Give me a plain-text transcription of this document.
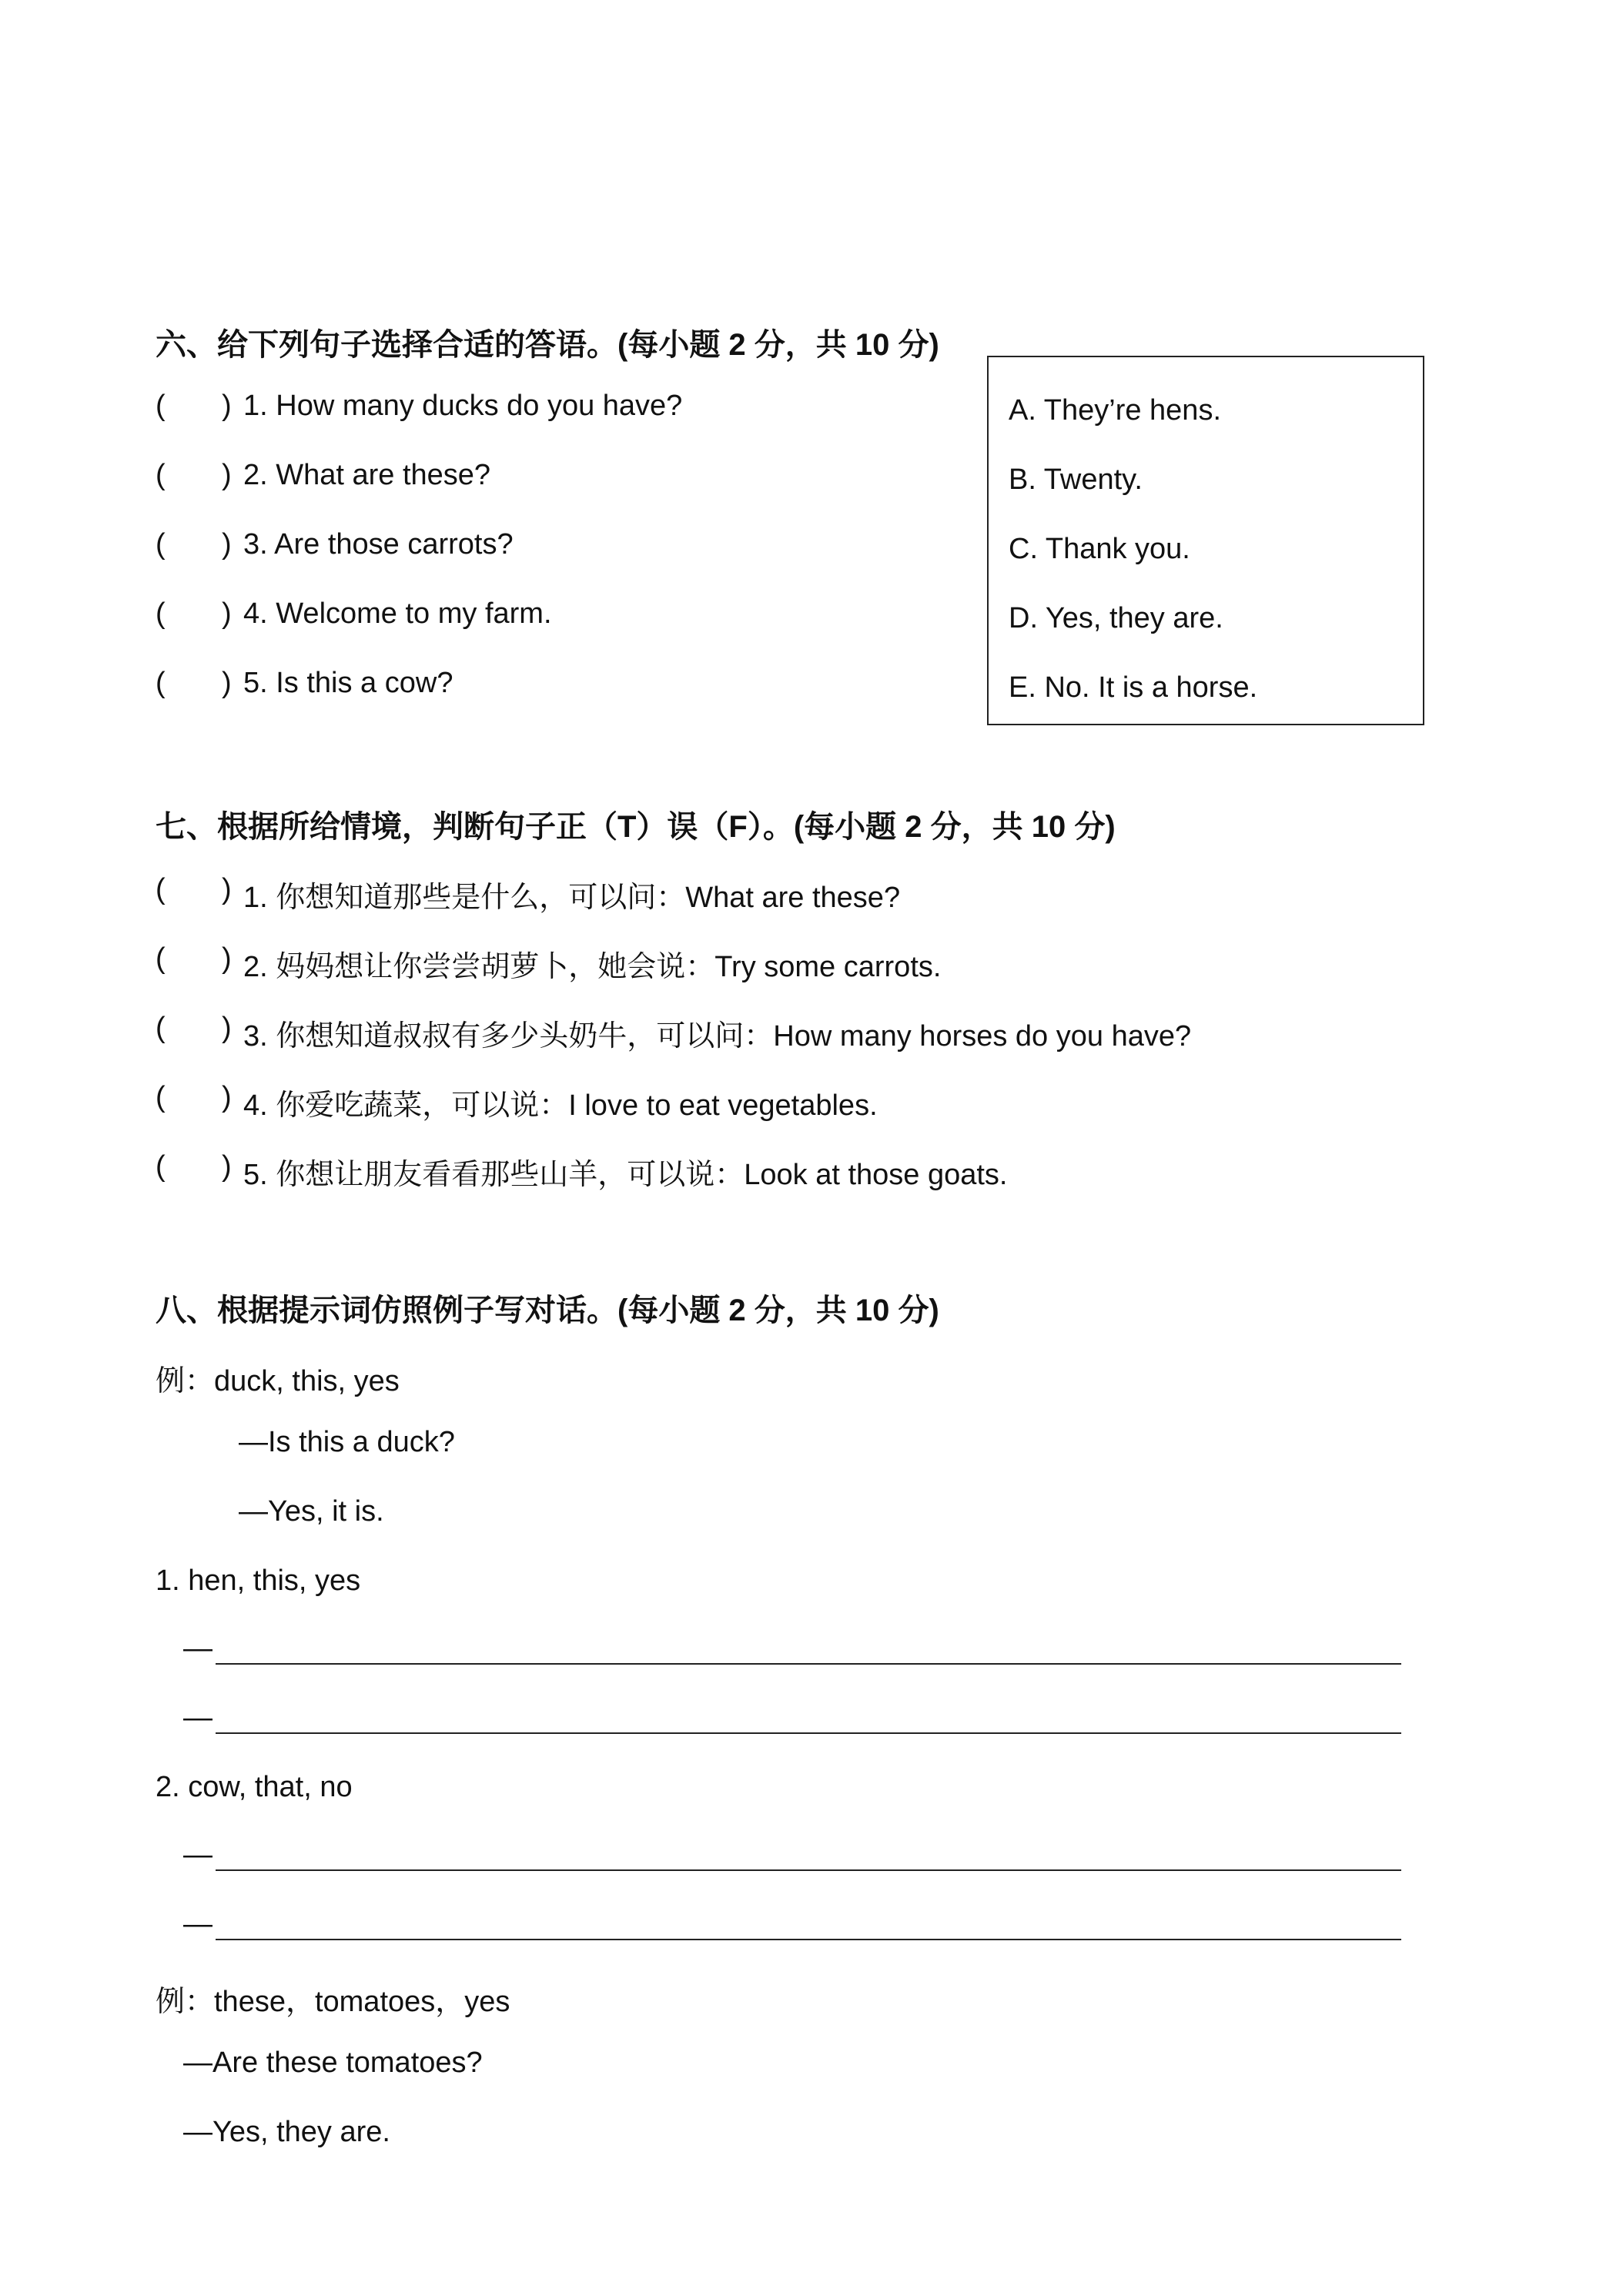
六、给下列句子选择合适的答语。(每小题 2 分，共 10 分)
( ) 1. How many ducks do you have?
( ) 2. What are these?
( ) 3. Are those carrots?
( ) 4. Welcome to my farm.
( ) 5. Is this a cow?
A. They’re hens.
B. Twenty.
C. Thank you.
D. Yes, they are.
E. No. It is a horse.
七、根据所给情境，判断句子正（T）误（F）。(每小题 2 分，共 10 分)
( ) 1. 你想知道那些是什么，可以问：What are these?
( ) 2. 妈妈想让你尝尝胡萝卜，她会说：Try some carrots.
( ) 3. 你想知道叔叔有多少头奶牛，可以问：How many horses do you have?
( ) 4. 你爱吃蔬菜，可以说：I love to eat vegetables.
( ) 5. 你想让朋友看看那些山羊，可以说：Look at those goats.
八、根据提示词仿照例子写对话。(每小题 2 分，共 10 分)
例：duck, this, yes
—Is this a duck?
—Yes, it is.
1. hen, this, yes
—
—
2. cow, that, no
—
—
例：these，tomatoes，yes
—Are these tomatoes?
—Yes, they are.
